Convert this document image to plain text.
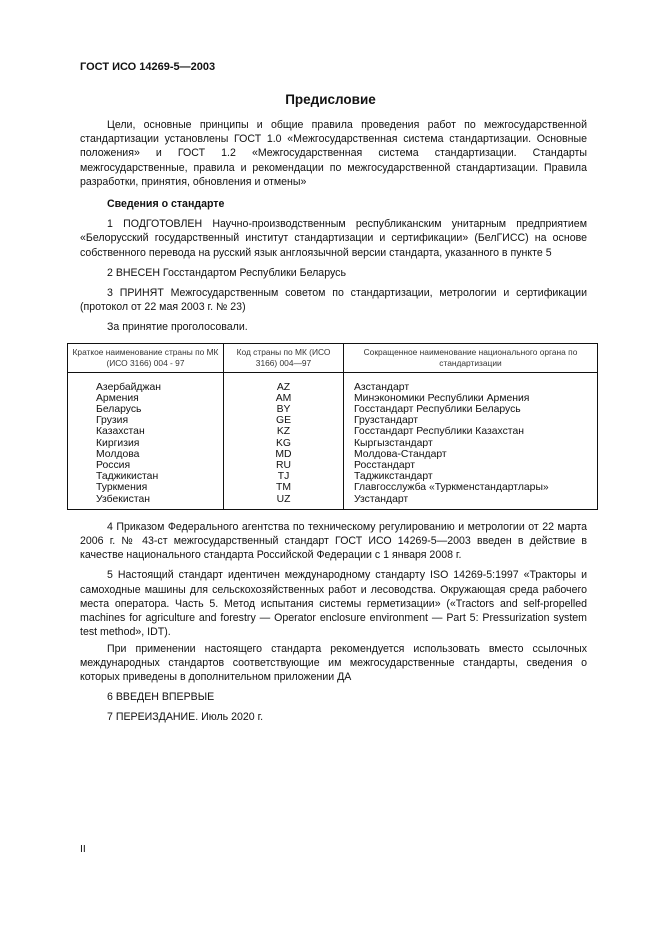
ГОСТ ИСО 14269-5—2003
Предисловие

Цели, основные принципы и общие правила проведения работ по межгосударственной стандартизации установлены ГОСТ 1.0 «Межгосударственная система стандартизации. Основные положения» и ГОСТ 1.2 «Межгосударственная система стандартизации. Стандарты межгосударственные, правила и рекомендации по межгосударственной стандартизации. Правила разработки, принятия, обновления и отмены»

Сведения о стандарте

1 ПОДГОТОВЛЕН Научно-производственным республиканским унитарным предприятием «Белорусский государственный институт стандартизации и сертификации» (БелГИСС) на основе собственного перевода на русский язык англоязычной версии стандарта, указанного в пункте 5

2 ВНЕСЕН Госстандартом Республики Беларусь

3 ПРИНЯТ Межгосударственным советом по стандартизации, метрологии и сертификации (протокол от 22 мая 2003 г. № 23)

За принятие проголосовали.

Краткое наименование страны по МК (ИСО 3166) 004 - 97	Код страны по МК (ИСО 3166) 004—97	Сокращенное наименование национального органа по стандартизации
Азербайджан	AZ	Азстандарт
Армения	AM	Минэкономики Республики Армения
Беларусь	BY	Госстандарт Республики Беларусь
Грузия	GE	Грузстандарт
Казахстан	KZ	Госстандарт Республики Казахстан
Киргизия	KG	Кыргызстандарт
Молдова	MD	Молдова-Стандарт
Россия	RU	Росстандарт
Таджикистан	TJ	Таджикстандарт
Туркмения	TM	Главгосслужба «Туркменстандартлары»
Узбекистан	UZ	Узстандарт

4 Приказом Федерального агентства по техническому регулированию и метрологии от 22 марта 2006 г. № 43-ст межгосударственный стандарт ГОСТ ИСО 14269-5—2003 введен в действие в качестве национального стандарта Российской Федерации с 1 января 2008 г.

5 Настоящий стандарт идентичен международному стандарту ISO 14269-5:1997 «Тракторы и самоходные машины для сельскохозяйственных работ и лесоводства. Окружающая среда рабочего места оператора. Часть 5. Метод испытания системы герметизации» («Tractors and self-propelled machines for agriculture and forestry — Operator enclosure environment — Part 5: Pressurization system test method», IDT).

При применении настоящего стандарта рекомендуется использовать вместо ссылочных международных стандартов соответствующие им межгосударственные стандарты, сведения о которых приведены в дополнительном приложении ДА

6 ВВЕДЕН ВПЕРВЫЕ

7 ПЕРЕИЗДАНИЕ. Июль 2020 г.

II
